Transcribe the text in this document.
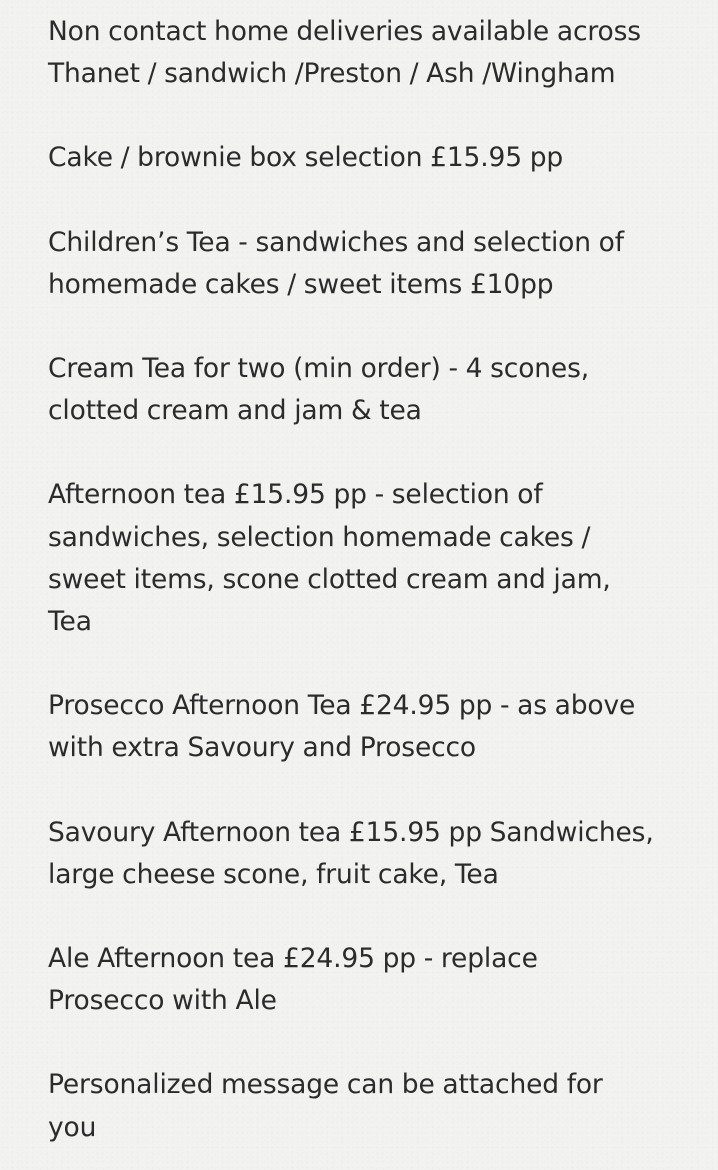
Non contact home deliveries available across
Thanet / sandwich /Preston / Ash /Wingham

Cake / brownie box selection £15.95 pp

Children’s Tea - sandwiches and selection of
homemade cakes / sweet items £10pp

Cream Tea for two (min order) - 4 scones,
clotted cream and jam & tea

Afternoon tea £15.95 pp - selection of
sandwiches, selection homemade cakes /
sweet items, scone clotted cream and jam,
Tea

Prosecco Afternoon Tea £24.95 pp - as above
with extra Savoury and Prosecco

Savoury Afternoon tea £15.95 pp Sandwiches,
large cheese scone, fruit cake, Tea

Ale Afternoon tea £24.95 pp - replace
Prosecco with Ale

Personalized message can be attached for
you
